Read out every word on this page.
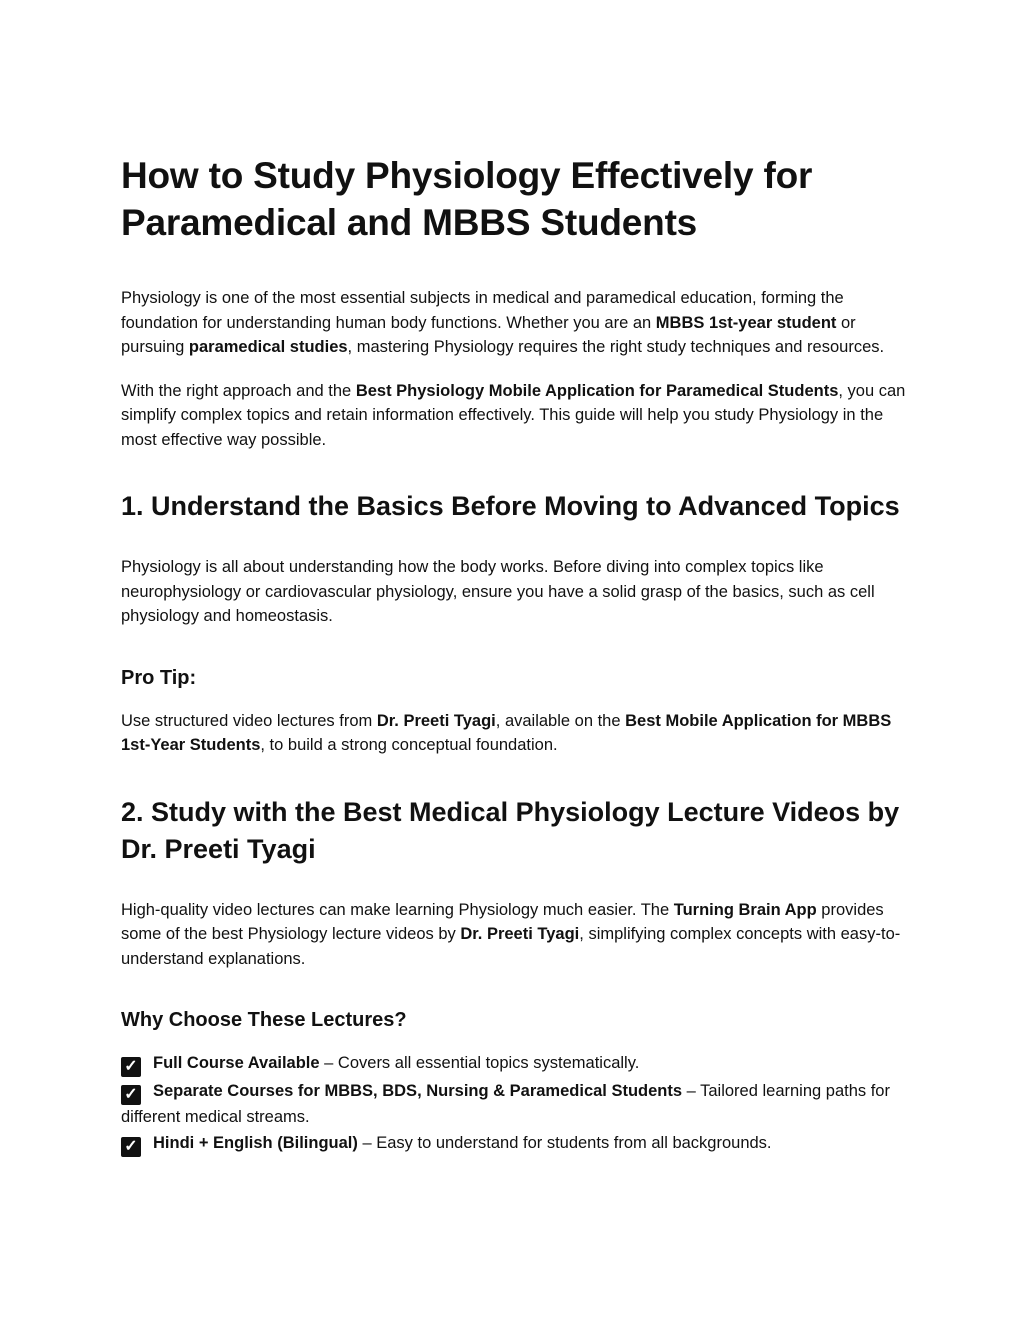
How to Study Physiology Effectively for Paramedical and MBBS Students

Physiology is one of the most essential subjects in medical and paramedical education, forming the foundation for understanding human body functions. Whether you are an MBBS 1st-year student or pursuing paramedical studies, mastering Physiology requires the right study techniques and resources.

With the right approach and the Best Physiology Mobile Application for Paramedical Students, you can simplify complex topics and retain information effectively. This guide will help you study Physiology in the most effective way possible.

1. Understand the Basics Before Moving to Advanced Topics

Physiology is all about understanding how the body works. Before diving into complex topics like neurophysiology or cardiovascular physiology, ensure you have a solid grasp of the basics, such as cell physiology and homeostasis.

Pro Tip:

Use structured video lectures from Dr. Preeti Tyagi, available on the Best Mobile Application for MBBS 1st-Year Students, to build a strong conceptual foundation.

2. Study with the Best Medical Physiology Lecture Videos by Dr. Preeti Tyagi

High-quality video lectures can make learning Physiology much easier. The Turning Brain App provides some of the best Physiology lecture videos by Dr. Preeti Tyagi, simplifying complex concepts with easy-to-understand explanations.

Why Choose These Lectures?
✓ Full Course Available – Covers all essential topics systematically.
✓ Separate Courses for MBBS, BDS, Nursing & Paramedical Students – Tailored learning paths for different medical streams.
✓ Hindi + English (Bilingual) – Easy to understand for students from all backgrounds.
